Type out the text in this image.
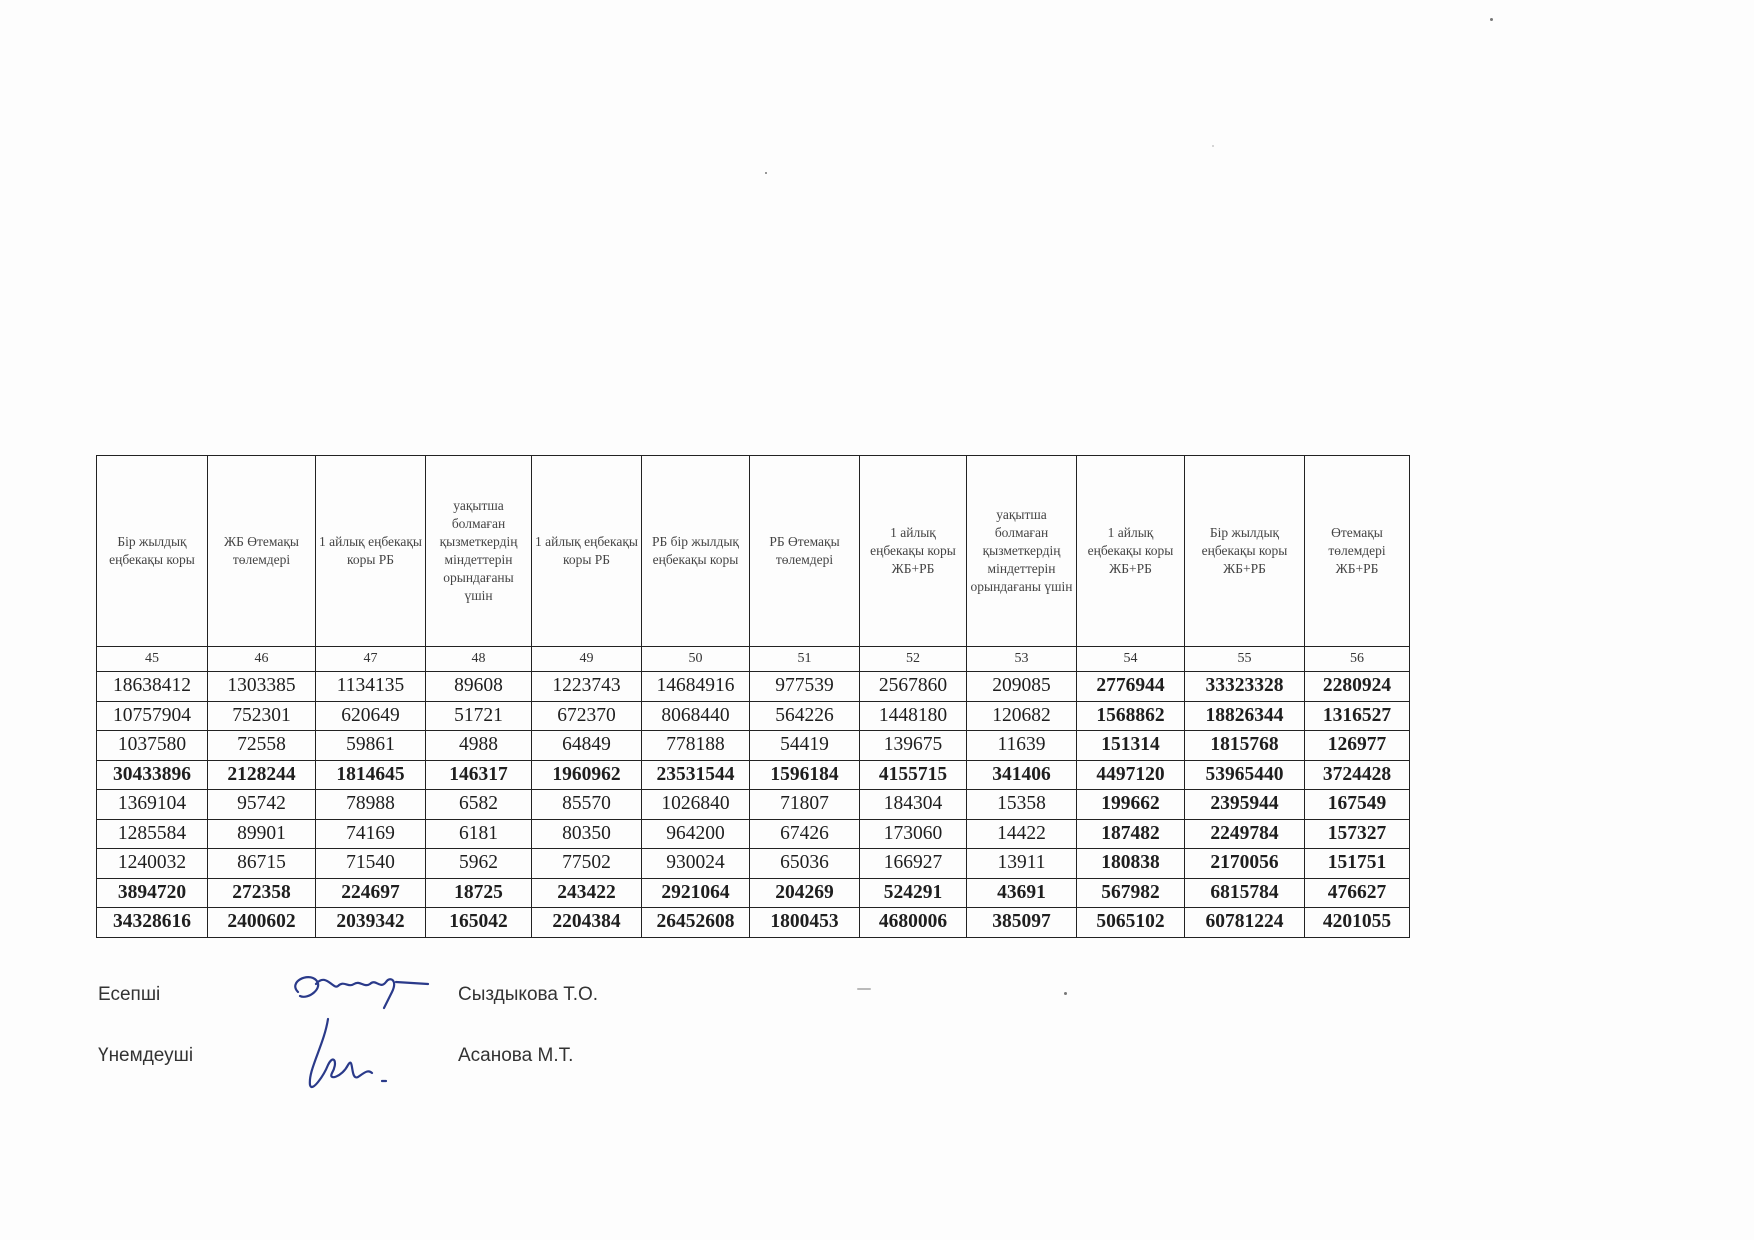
Бір жылдық еңбекақы коры	ЖБ Өтемақы төлемдері	1 айлық еңбекақы коры РБ	уақытша болмаған қызметкердің міндеттерін орындағаны үшін	1 айлық еңбекақы коры РБ	РБ бір жылдық еңбекақы коры	РБ Өтемақы төлемдері	1 айлық еңбекақы коры ЖБ+РБ	уақытша болмаған қызметкердің міндеттерін орындағаны үшін	1 айлық еңбекақы коры ЖБ+РБ	Бір жылдық еңбекақы коры ЖБ+РБ	Өтемақы төлемдері ЖБ+РБ
45	46	47	48	49	50	51	52	53	54	55	56
18638412	1303385	1134135	89608	1223743	14684916	977539	2567860	209085	2776944	33323328	2280924
10757904	752301	620649	51721	672370	8068440	564226	1448180	120682	1568862	18826344	1316527
1037580	72558	59861	4988	64849	778188	54419	139675	11639	151314	1815768	126977
30433896	2128244	1814645	146317	1960962	23531544	1596184	4155715	341406	4497120	53965440	3724428
1369104	95742	78988	6582	85570	1026840	71807	184304	15358	199662	2395944	167549
1285584	89901	74169	6181	80350	964200	67426	173060	14422	187482	2249784	157327
1240032	86715	71540	5962	77502	930024	65036	166927	13911	180838	2170056	151751
3894720	272358	224697	18725	243422	2921064	204269	524291	43691	567982	6815784	476627
34328616	2400602	2039342	165042	2204384	26452608	1800453	4680006	385097	5065102	60781224	4201055
Есепші	Сыздыкова Т.О.
Үнемдеуші	Асанова М.Т.
